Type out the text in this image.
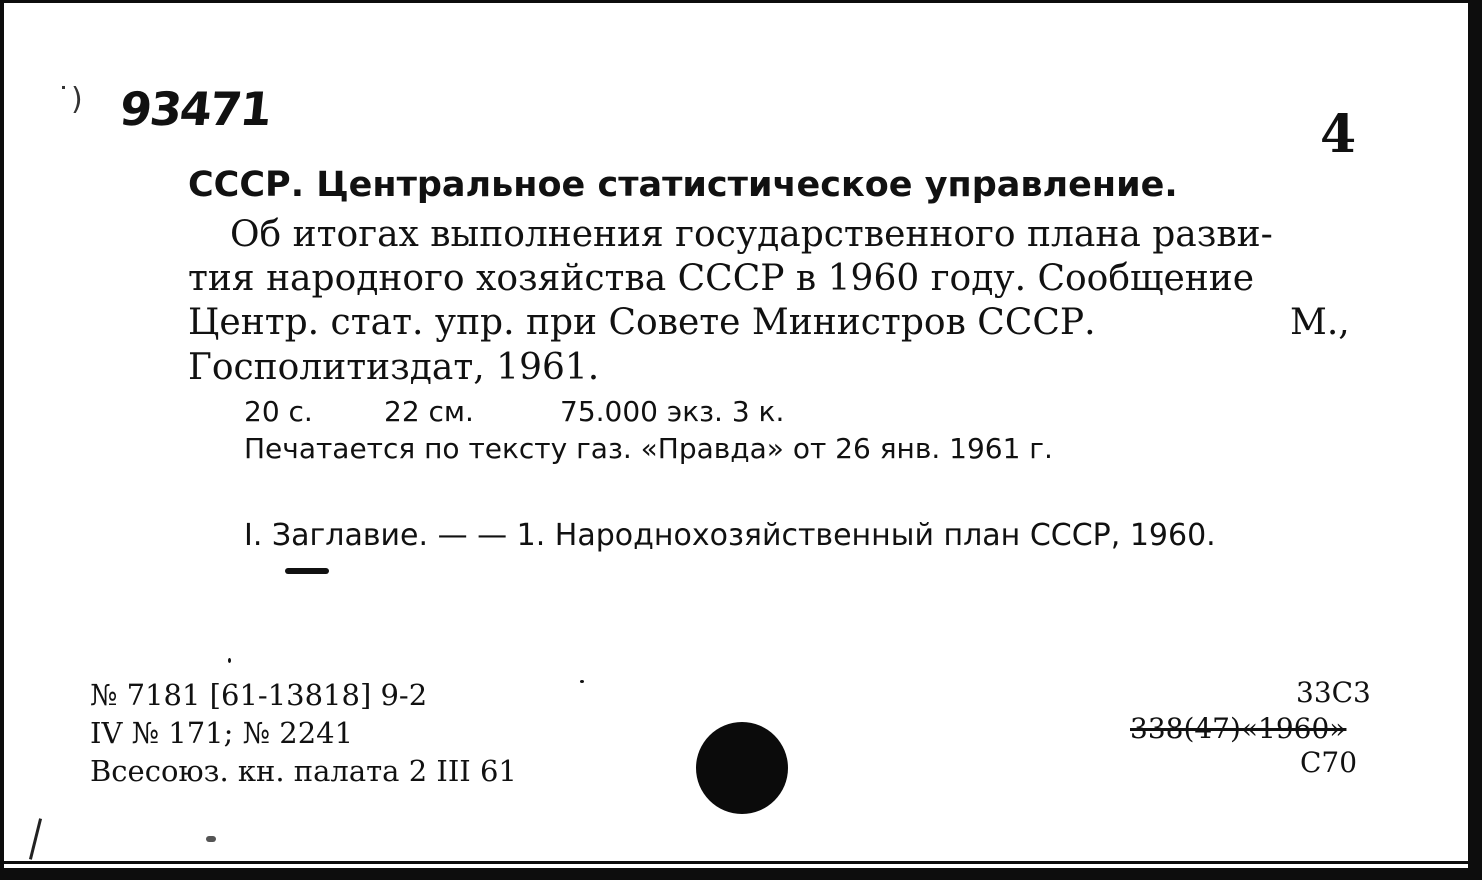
˙) 93471	4
СССР. Центральное статистическое управление.
Об итогах выполнения государственного плана разви-
тия народного хозяйства СССР в 1960 году. Сообщение
Центр. стат. упр. при Совете Министров СССР.	М.,
Госполитиздат, 1961.
20 с.	22 см.	75.000 экз. 3 к.
Печатается по тексту газ. «Правда» от 26 янв. 1961 г.
I. Заглавие. — — 1. Народнохозяйственный план СССР, 1960.
№ 7181 [61-13818] 9-2
IV № 171; № 2241
Всесоюз. кн. палата 2 III 61
33С3
338(47)«1960»
С70
